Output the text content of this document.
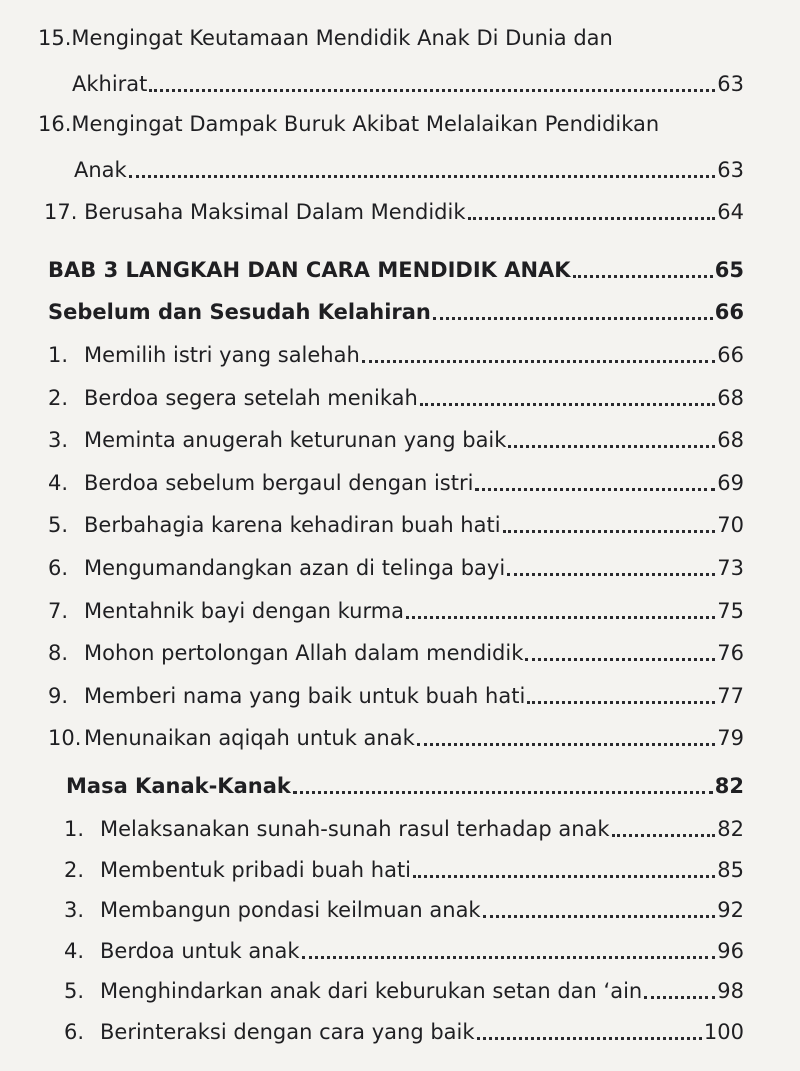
15.Mengingat Keutamaan Mendidik Anak Di Dunia dan
Akhirat	63
16.Mengingat Dampak Buruk Akibat Melalaikan Pendidikan
Anak	63
17.
Berusaha Maksimal Dalam Mendidik	64
BAB 3 LANGKAH DAN CARA MENDIDIK ANAK	65
Sebelum dan Sesudah Kelahiran	66
1. Memilih istri yang salehah	66
2. Berdoa segera setelah menikah	68
3. Meminta anugerah keturunan yang baik	68
4. Berdoa sebelum bergaul dengan istri	69
5. Berbahagia karena kehadiran buah hati	70
6. Mengumandangkan azan di telinga bayi	73
7. Mentahnik bayi dengan kurma	75
8. Mohon pertolongan Allah dalam mendidik	76
9. Memberi nama yang baik untuk buah hati	77
10. Menunaikan aqiqah untuk anak	79
Masa Kanak-Kanak	82
1. Melaksanakan sunah-sunah rasul terhadap anak	82
2. Membentuk pribadi buah hati	85
3. Membangun pondasi keilmuan anak	92
4. Berdoa untuk anak	96
5. Menghindarkan anak dari keburukan setan dan ‘ain	98
6. Berinteraksi dengan cara yang baik	100
